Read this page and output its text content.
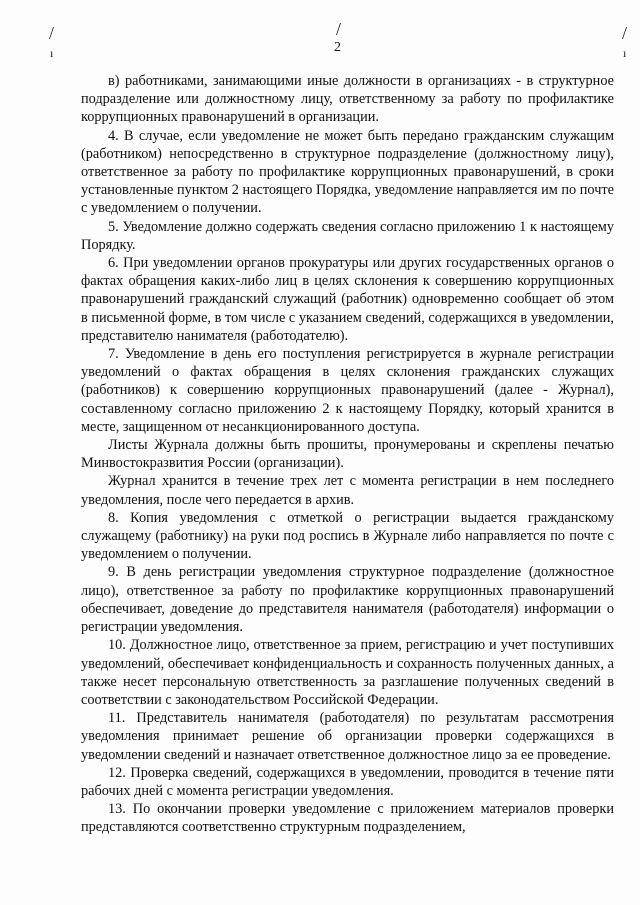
/
ı
/	/
ı
2

в) работниками, занимающими иные должности в организациях - в структурное подразделение или должностному лицу, ответственному за работу по профилактике коррупционных правонарушений в организации.

4. В случае, если уведомление не может быть передано гражданским служащим (работником) непосредственно в структурное подразделение (должностному лицу), ответственное за работу по профилактике коррупционных правонарушений, в сроки установленные пунктом 2 настоящего Порядка, уведомление направляется им по почте с уведомлением о получении.

5. Уведомление должно содержать сведения согласно приложению 1 к настоящему Порядку.

6. При уведомлении органов прокуратуры или других государственных органов о фактах обращения каких-либо лиц в целях склонения к совершению коррупционных правонарушений гражданский служащий (работник) одновременно сообщает об этом в письменной форме, в том числе с указанием сведений, содержащихся в уведомлении, представителю нанимателя (работодателю).

7. Уведомление в день его поступления регистрируется в журнале регистрации уведомлений о фактах обращения в целях склонения гражданских служащих (работников) к совершению коррупционных правонарушений (далее - Журнал), составленному согласно приложению 2 к настоящему Порядку, который хранится в месте, защищенном от несанкционированного доступа.

Листы Журнала должны быть прошиты, пронумерованы и скреплены печатью Минвостокразвития России (организации).

Журнал хранится в течение трех лет с момента регистрации в нем последнего уведомления, после чего передается в архив.

8. Копия уведомления с отметкой о регистрации выдается гражданскому служащему (работнику) на руки под роспись в Журнале либо направляется по почте с уведомлением о получении.

9. В день регистрации уведомления структурное подразделение (должностное лицо), ответственное за работу по профилактике коррупционных правонарушений обеспечивает, доведение до представителя нанимателя (работодателя) информации о регистрации уведомления.

10. Должностное лицо, ответственное за прием, регистрацию и учет поступивших уведомлений, обеспечивает конфиденциальность и сохранность полученных данных, а также несет персональную ответственность за разглашение полученных сведений в соответствии с законодательством Российской Федерации.

11. Представитель нанимателя (работодателя) по результатам рассмотрения уведомления принимает решение об организации проверки содержащихся в уведомлении сведений и назначает ответственное должностное лицо за ее проведение.

12. Проверка сведений, содержащихся в уведомлении, проводится в течение пяти рабочих дней с момента регистрации уведомления.

13. По окончании проверки уведомление с приложением материалов проверки представляются соответственно структурным подразделением,
